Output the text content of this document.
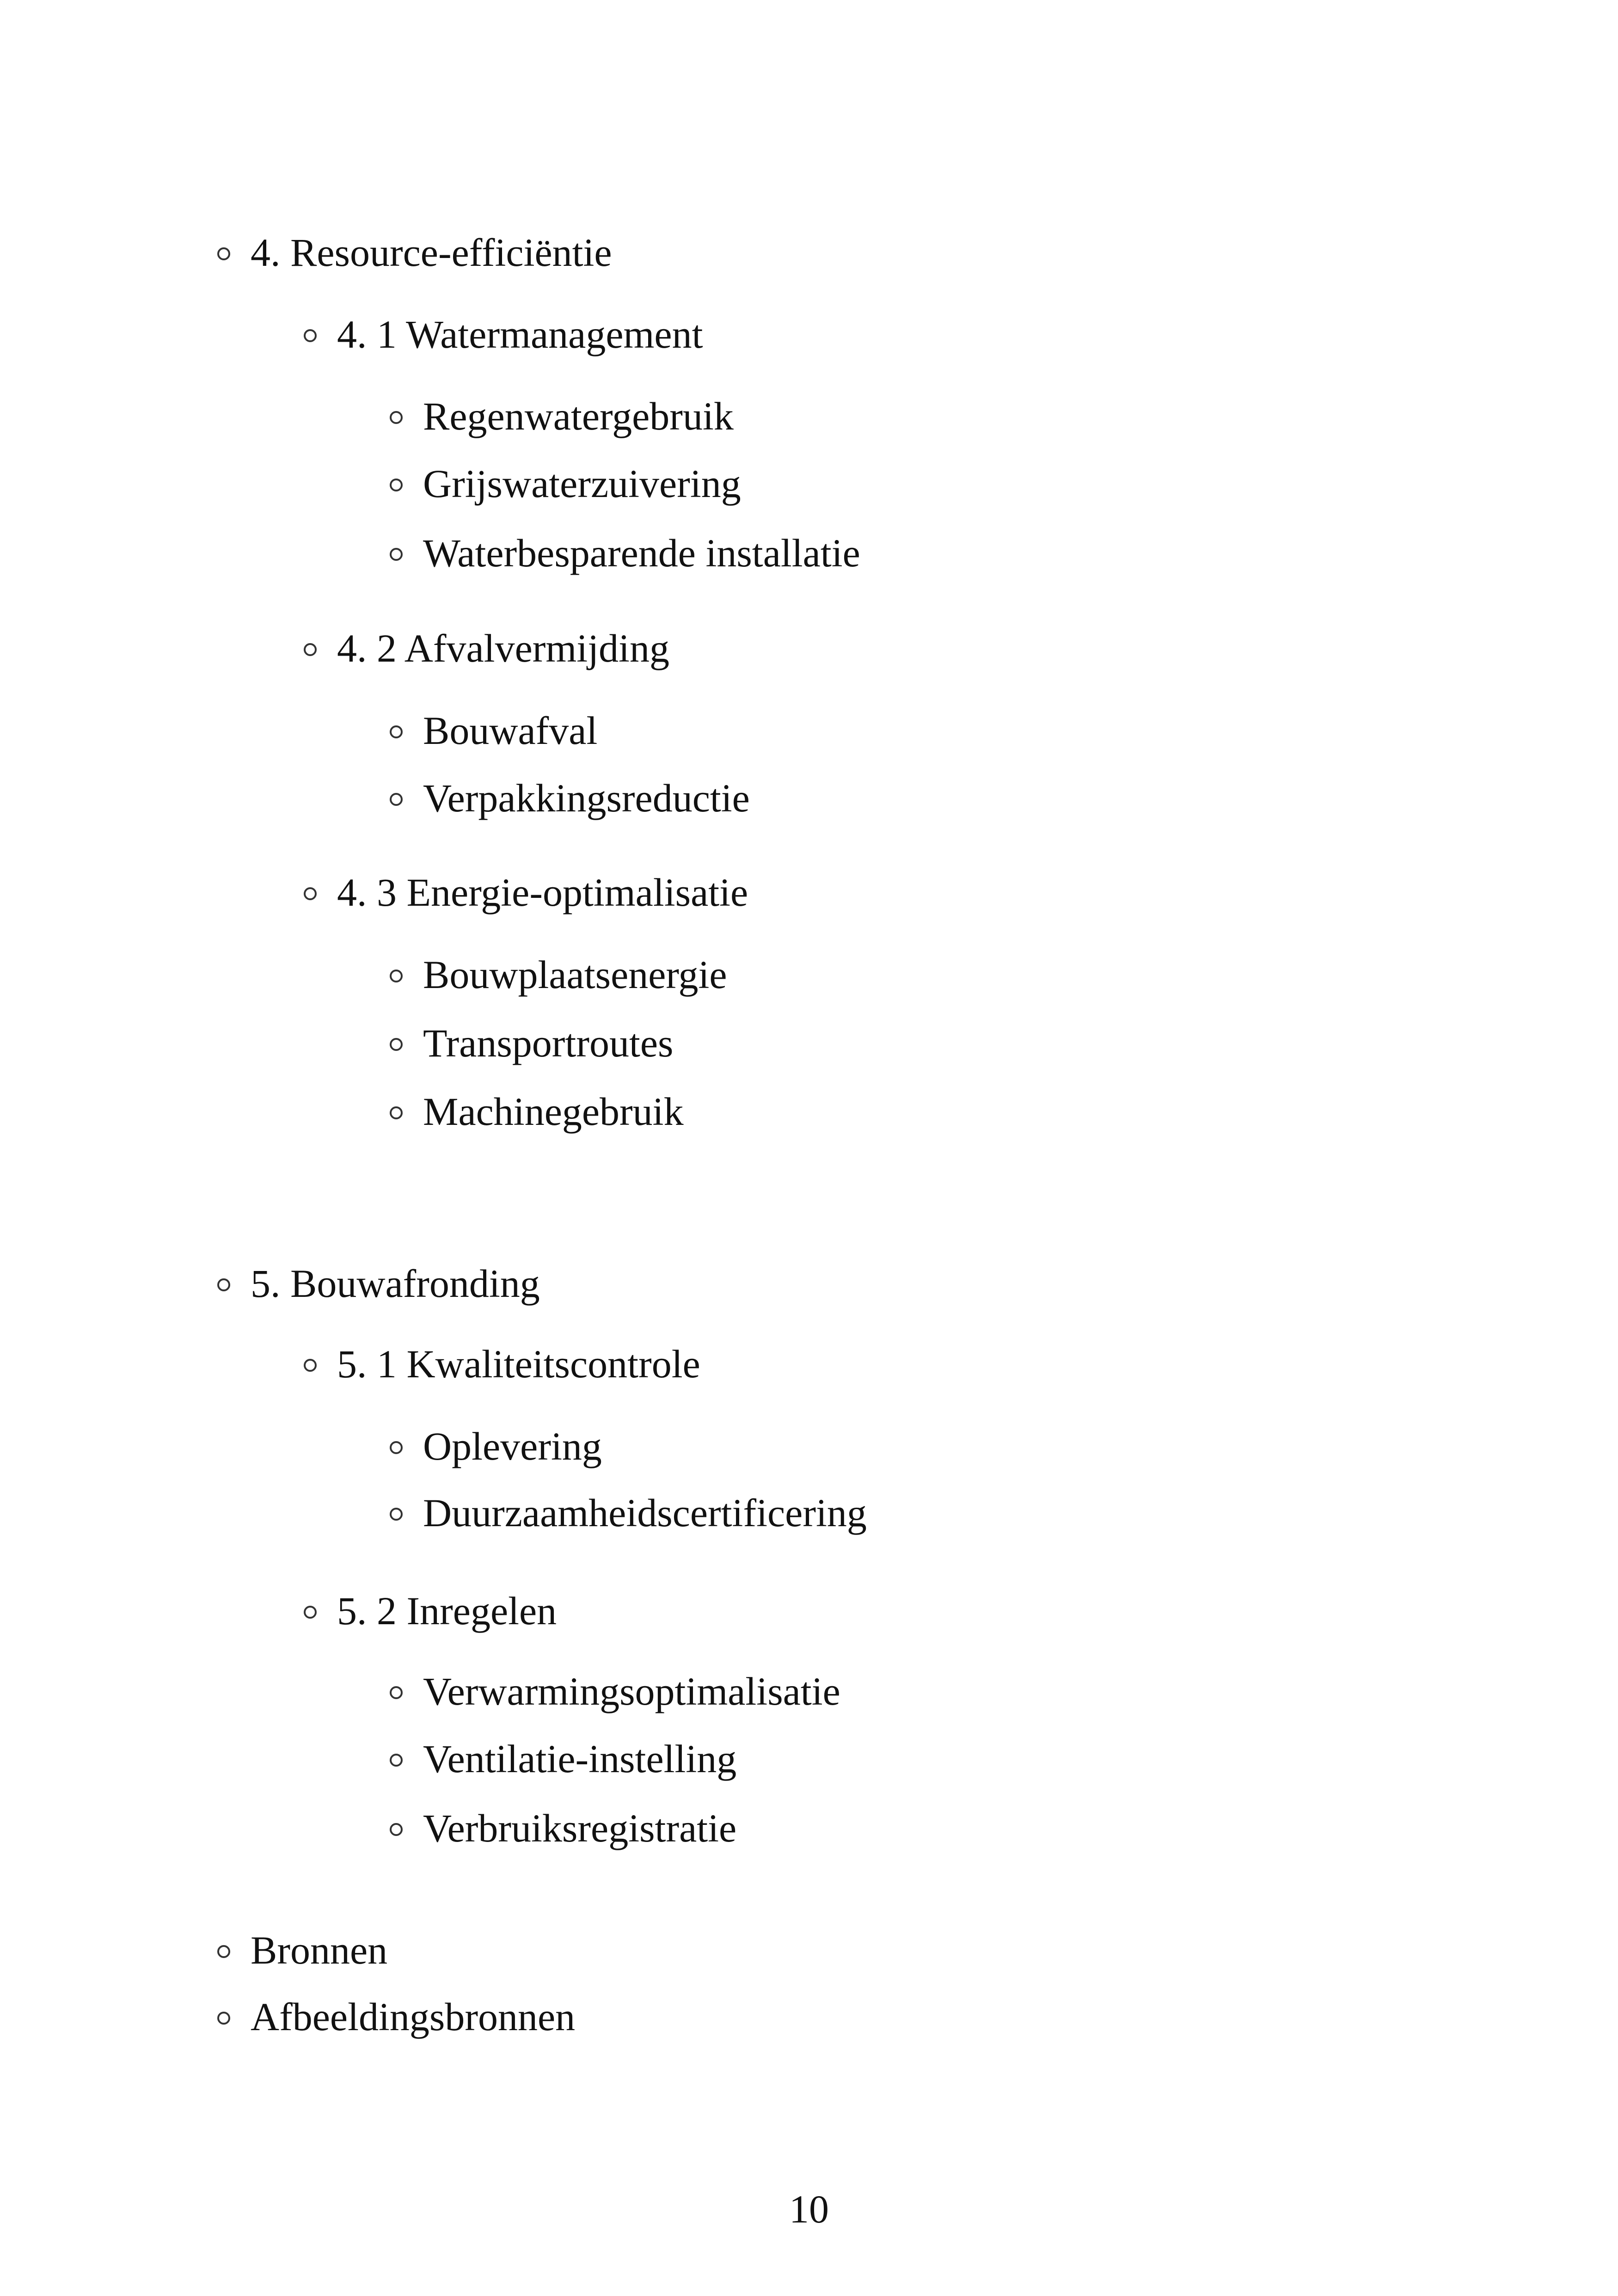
4. Resource-efficiëntie
4. 1 Watermanagement
Regenwatergebruik
Grijswaterzuivering
Waterbesparende installatie
4. 2 Afvalvermijding
Bouwafval
Verpakkingsreductie
4. 3 Energie-optimalisatie
Bouwplaatsenergie
Transportroutes
Machinegebruik
5. Bouwafronding
5. 1 Kwaliteitscontrole
Oplevering
Duurzaamheidscertificering
5. 2 Inregelen
Verwarmingsoptimalisatie
Ventilatie-instelling
Verbruiksregistratie
Bronnen
Afbeeldingsbronnen
10
